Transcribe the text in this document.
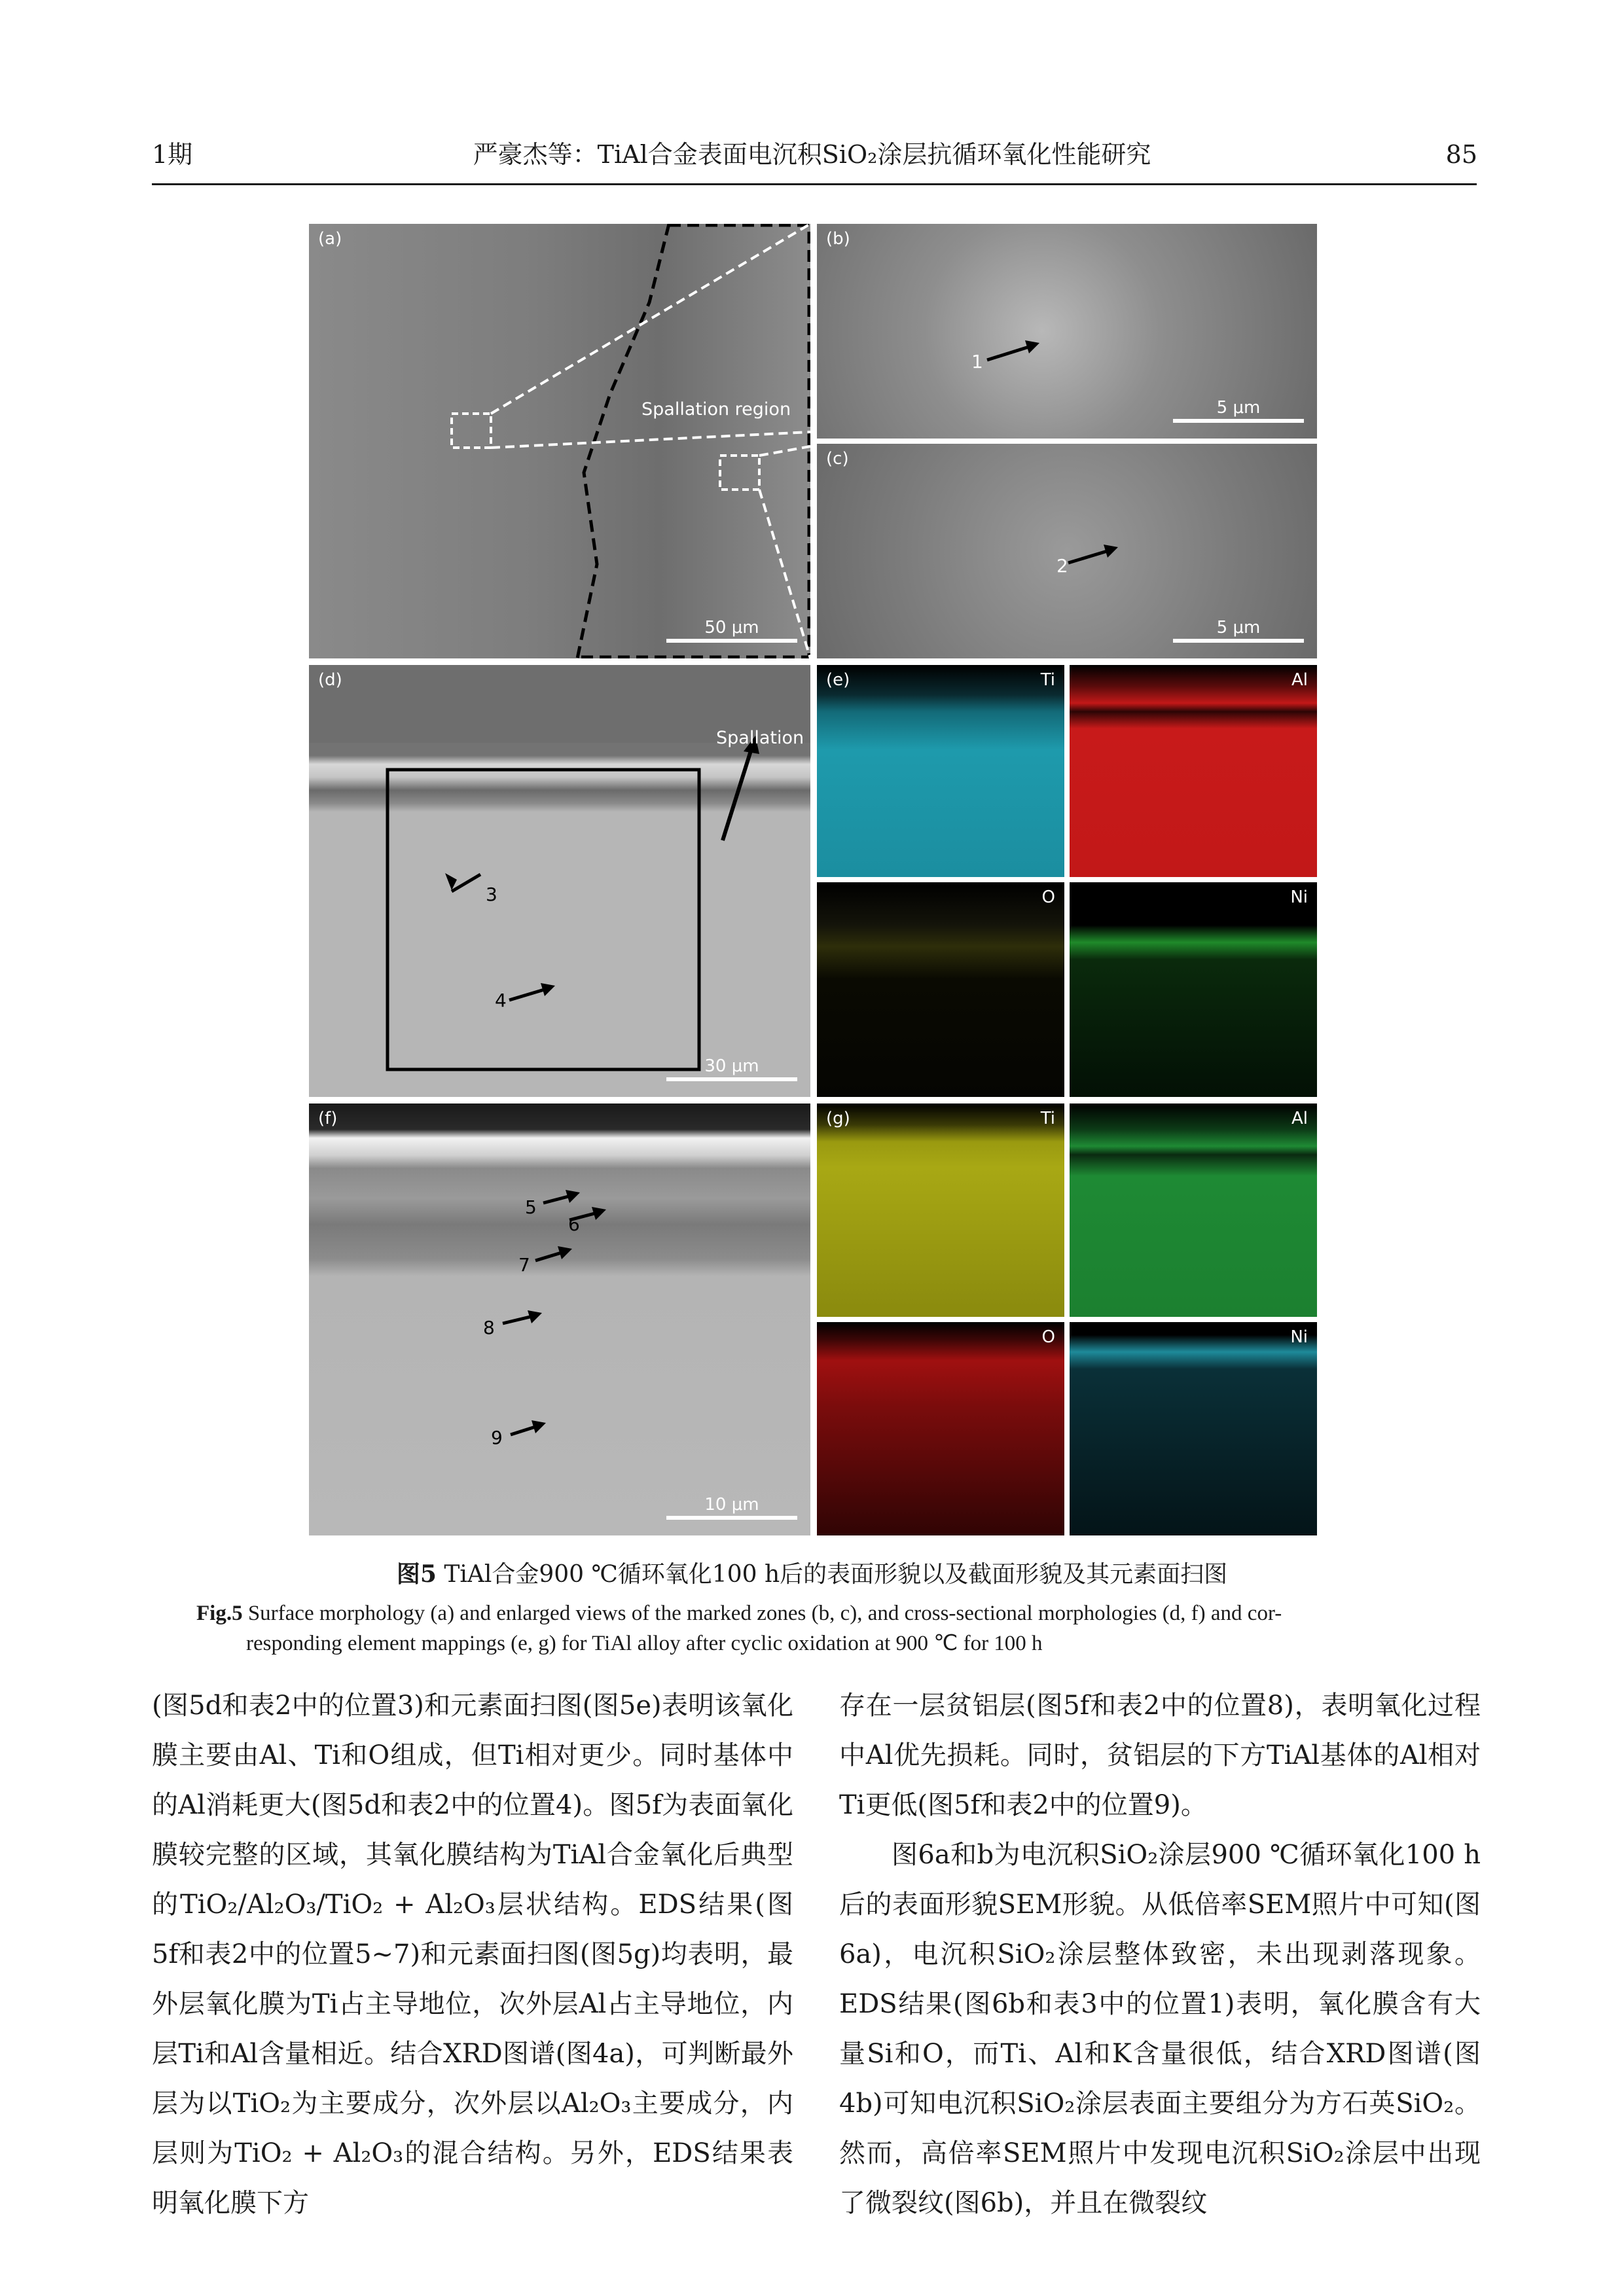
1期	严豪杰等：TiAl合金表面电沉积SiO₂涂层抗循环氧化性能研究	85
(a)
Spallation region
50 μm
(b)
1
5 μm
(c)
2
5 μm
(d)
Spallation
3
4
30 μm
(e)	Ti	Al
O	Ni
(f)
5
6
7
8
9
10 μm
(g)	Ti	Al
O	Ni
图5 TiAl合金900 ℃循环氧化100 h后的表面形貌以及截面形貌及其元素面扫图
Fig.5 Surface morphology (a) and enlarged views of the marked zones (b, c), and cross-sectional morphologies (d, f) and cor-
responding element mappings (e, g) for TiAl alloy after cyclic oxidation at 900 ℃ for 100 h

(图5d和表2中的位置3)和元素面扫图(图5e)表明该氧化膜主要由Al、Ti和O组成，但Ti相对更少。同时基体中的Al消耗更大(图5d和表2中的位置4)。图5f为表面氧化膜较完整的区域，其氧化膜结构为TiAl合金氧化后典型的TiO₂/Al₂O₃/TiO₂ + Al₂O₃层状结构。EDS结果(图5f和表2中的位置5~7)和元素面扫图(图5g)均表明，最外层氧化膜为Ti占主导地位，次外层Al占主导地位，内层Ti和Al含量相近。结合XRD图谱(图4a)，可判断最外层为以TiO₂为主要成分，次外层以Al₂O₃主要成分，内层则为TiO₂ + Al₂O₃的混合结构。另外，EDS结果表明氧化膜下方

存在一层贫铝层(图5f和表2中的位置8)，表明氧化过程中Al优先损耗。同时，贫铝层的下方TiAl基体的Al相对Ti更低(图5f和表2中的位置9)。

图6a和b为电沉积SiO₂涂层900 ℃循环氧化100 h后的表面形貌SEM形貌。从低倍率SEM照片中可知(图6a)，电沉积SiO₂涂层整体致密，未出现剥落现象。EDS结果(图6b和表3中的位置1)表明，氧化膜含有大量Si和O，而Ti、Al和K含量很低，结合XRD图谱(图4b)可知电沉积SiO₂涂层表面主要组分为方石英SiO₂。然而，高倍率SEM照片中发现电沉积SiO₂涂层中出现了微裂纹(图6b)，并且在微裂纹
